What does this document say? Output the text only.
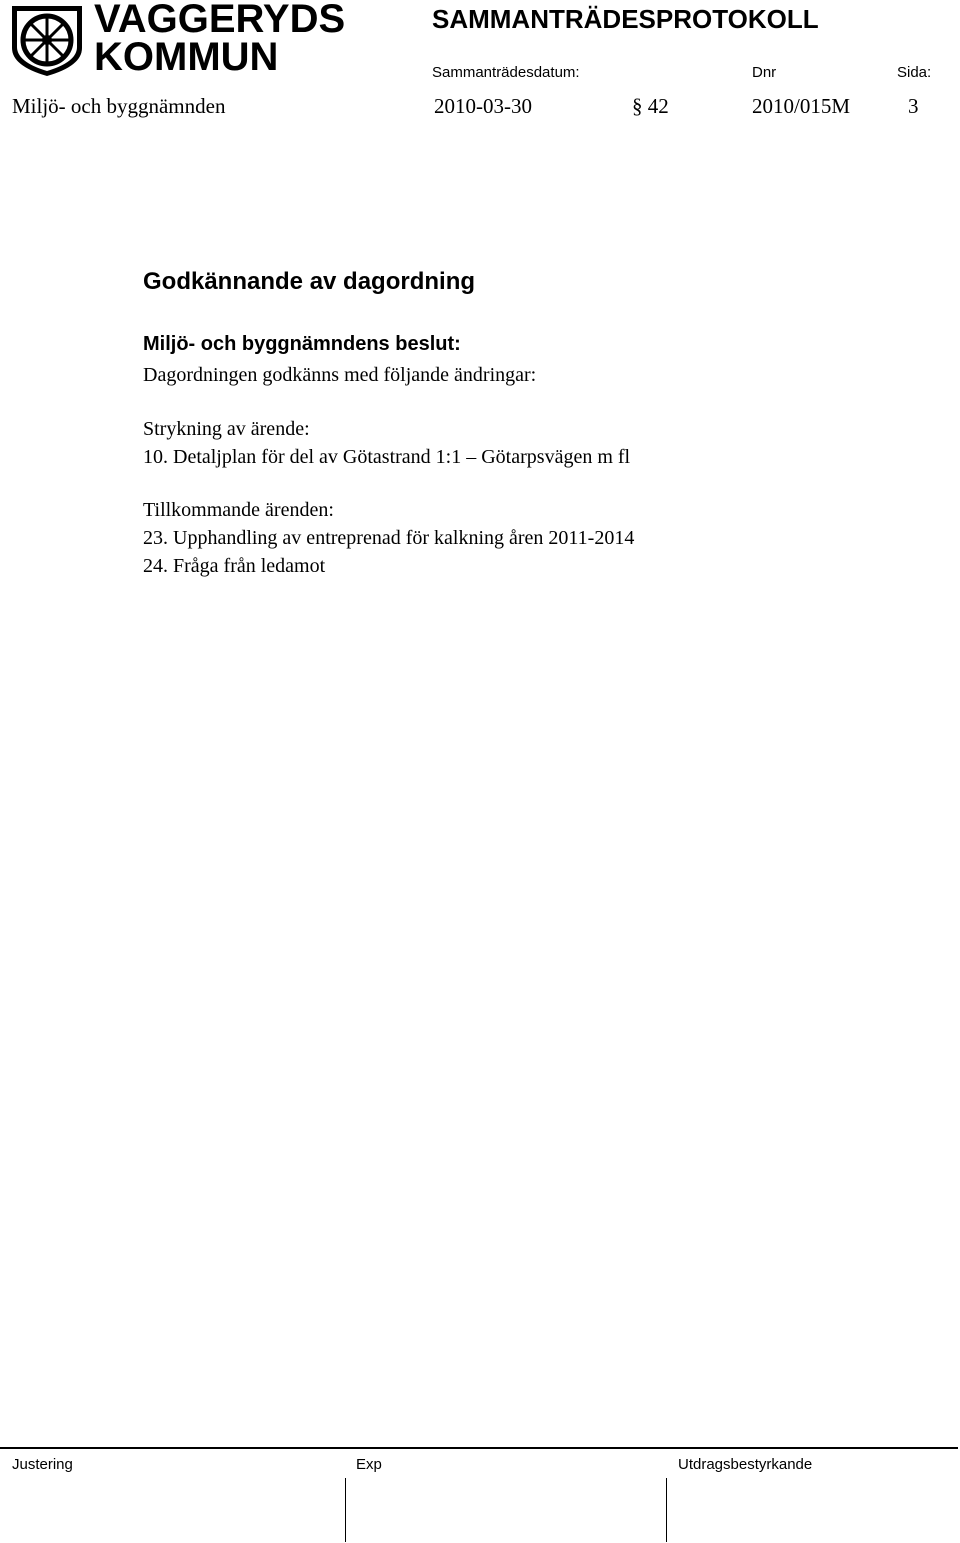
VAGGERYDS
KOMMUN
SAMMANTRÄDESPROTOKOLL
Sammanträdesdatum:	Dnr	Sida:
Miljö- och byggnämnden	2010-03-30	§ 42	2010/015M	3
Godkännande av dagordning
Miljö- och byggnämndens beslut:
Dagordningen godkänns med följande ändringar:
Strykning av ärende:
10. Detaljplan för del av Götastrand 1:1 – Götarpsvägen m fl
Tillkommande ärenden:
23. Upphandling av entreprenad för kalkning åren 2011-2014
24. Fråga från ledamot
Justering	Exp	Utdragsbestyrkande
